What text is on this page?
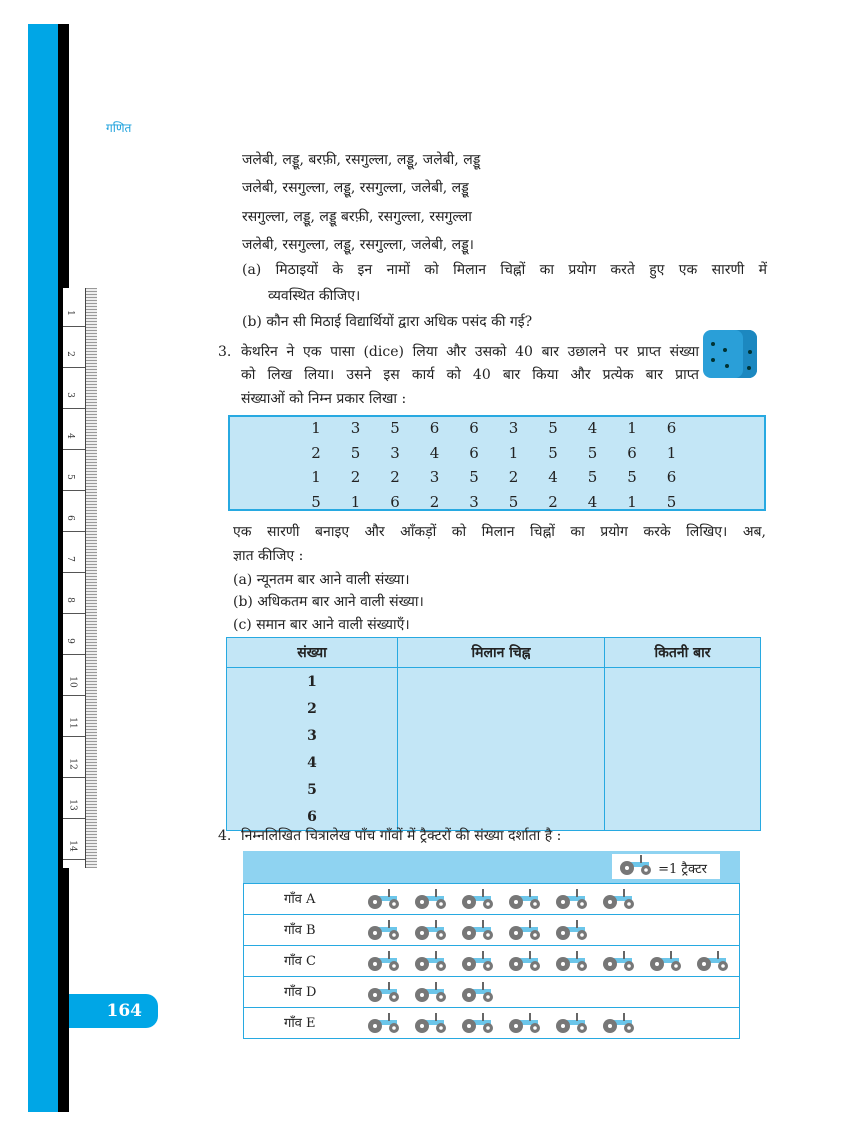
1
2
3
4
5
6
7
8
9
10
11
12
13
14
गणित
164
जलेबी, लड्डू, बरफ़ी, रसगुल्ला, लड्डू, जलेबी, लड्डू
जलेबी, रसगुल्ला, लड्डू, रसगुल्ला, जलेबी, लड्डू
रसगुल्ला, लड्डू, लड्डू बरफ़ी, रसगुल्ला, रसगुल्ला
जलेबी, रसगुल्ला, लड्डू, रसगुल्ला, जलेबी, लड्डू।
(a) मिठाइयों के इन नामों को मिलान चिह्नों का प्रयोग करते हुए एक सारणी में
व्यवस्थित कीजिए।
(b) कौन सी मिठाई विद्यार्थियों द्वारा अधिक पसंद की गई?
3. केथरिन ने एक पासा (dice) लिया और उसको 40 बार उछालने पर प्राप्त संख्या
को लिख लिया। उसने इस कार्य को 40 बार किया और प्रत्येक बार प्राप्त
संख्याओं को निम्न प्रकार लिखा :
1	3	5	6	6	3	5	4	1	6
2	5	3	4	6	1	5	5	6	1
1	2	2	3	5	2	4	5	5	6
5	1	6	2	3	5	2	4	1	5
एक सारणी बनाइए और आँकड़ों को मिलान चिह्नों का प्रयोग करके लिखिए। अब,
ज्ञात कीजिए :
(a) न्यूनतम बार आने वाली संख्या।
(b) अधिकतम बार आने वाली संख्या।
(c) समान बार आने वाली संख्याएँ।
संख्या	मिलान चिह्न	कितनी बार
1		
2		
3		
4		
5		
6		
4. निम्नलिखित चित्रालेख पाँच गाँवों में ट्रैक्टरों की संख्या दर्शाता है :
=1 ट्रैक्टर
गाँव A
गाँव B
गाँव C
गाँव D
गाँव E
